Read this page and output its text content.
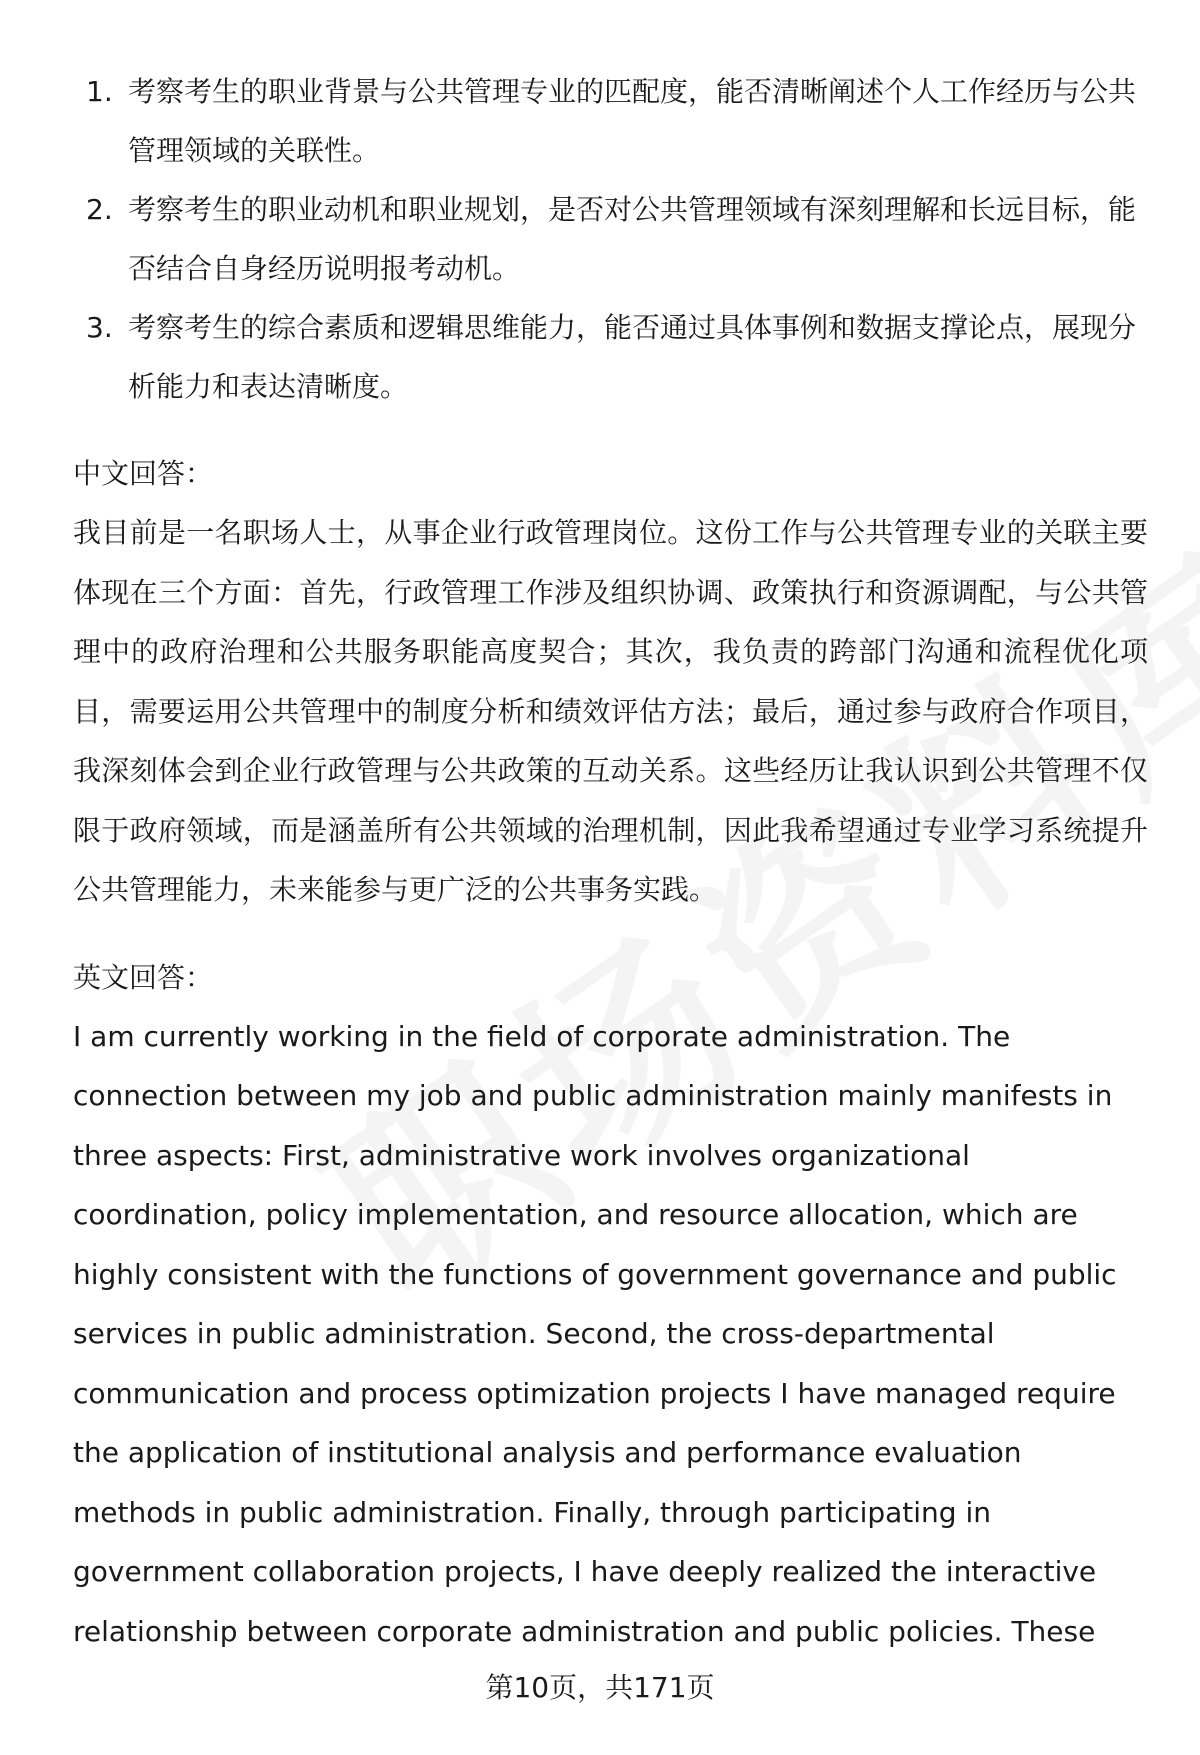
1. 考察考生的职业背景与公共管理专业的匹配度，能否清晰阐述个人工作经历与公共管理领域的关联性。
2. 考察考生的职业动机和职业规划，是否对公共管理领域有深刻理解和长远目标，能否结合自身经历说明报考动机。
3. 考察考生的综合素质和逻辑思维能力，能否通过具体事例和数据支撑论点，展现分析能力和表达清晰度。
中文回答：
我目前是一名职场人士，从事企业行政管理岗位。这份工作与公共管理专业的关联主要体现在三个方面：首先，行政管理工作涉及组织协调、政策执行和资源调配，与公共管理中的政府治理和公共服务职能高度契合；其次，我负责的跨部门沟通和流程优化项目，需要运用公共管理中的制度分析和绩效评估方法；最后，通过参与政府合作项目，我深刻体会到企业行政管理与公共政策的互动关系。这些经历让我认识到公共管理不仅限于政府领域，而是涵盖所有公共领域的治理机制，因此我希望通过专业学习系统提升公共管理能力，未来能参与更广泛的公共事务实践。
英文回答：
I am currently working in the field of corporate administration. The connection between my job and public administration mainly manifests in three aspects: First, administrative work involves organizational coordination, policy implementation, and resource allocation, which are highly consistent with the functions of government governance and public services in public administration. Second, the cross-departmental communication and process optimization projects I have managed require the application of institutional analysis and performance evaluation methods in public administration. Finally, through participating in government collaboration projects, I have deeply realized the interactive relationship between corporate administration and public policies. These
第10页，共171页
